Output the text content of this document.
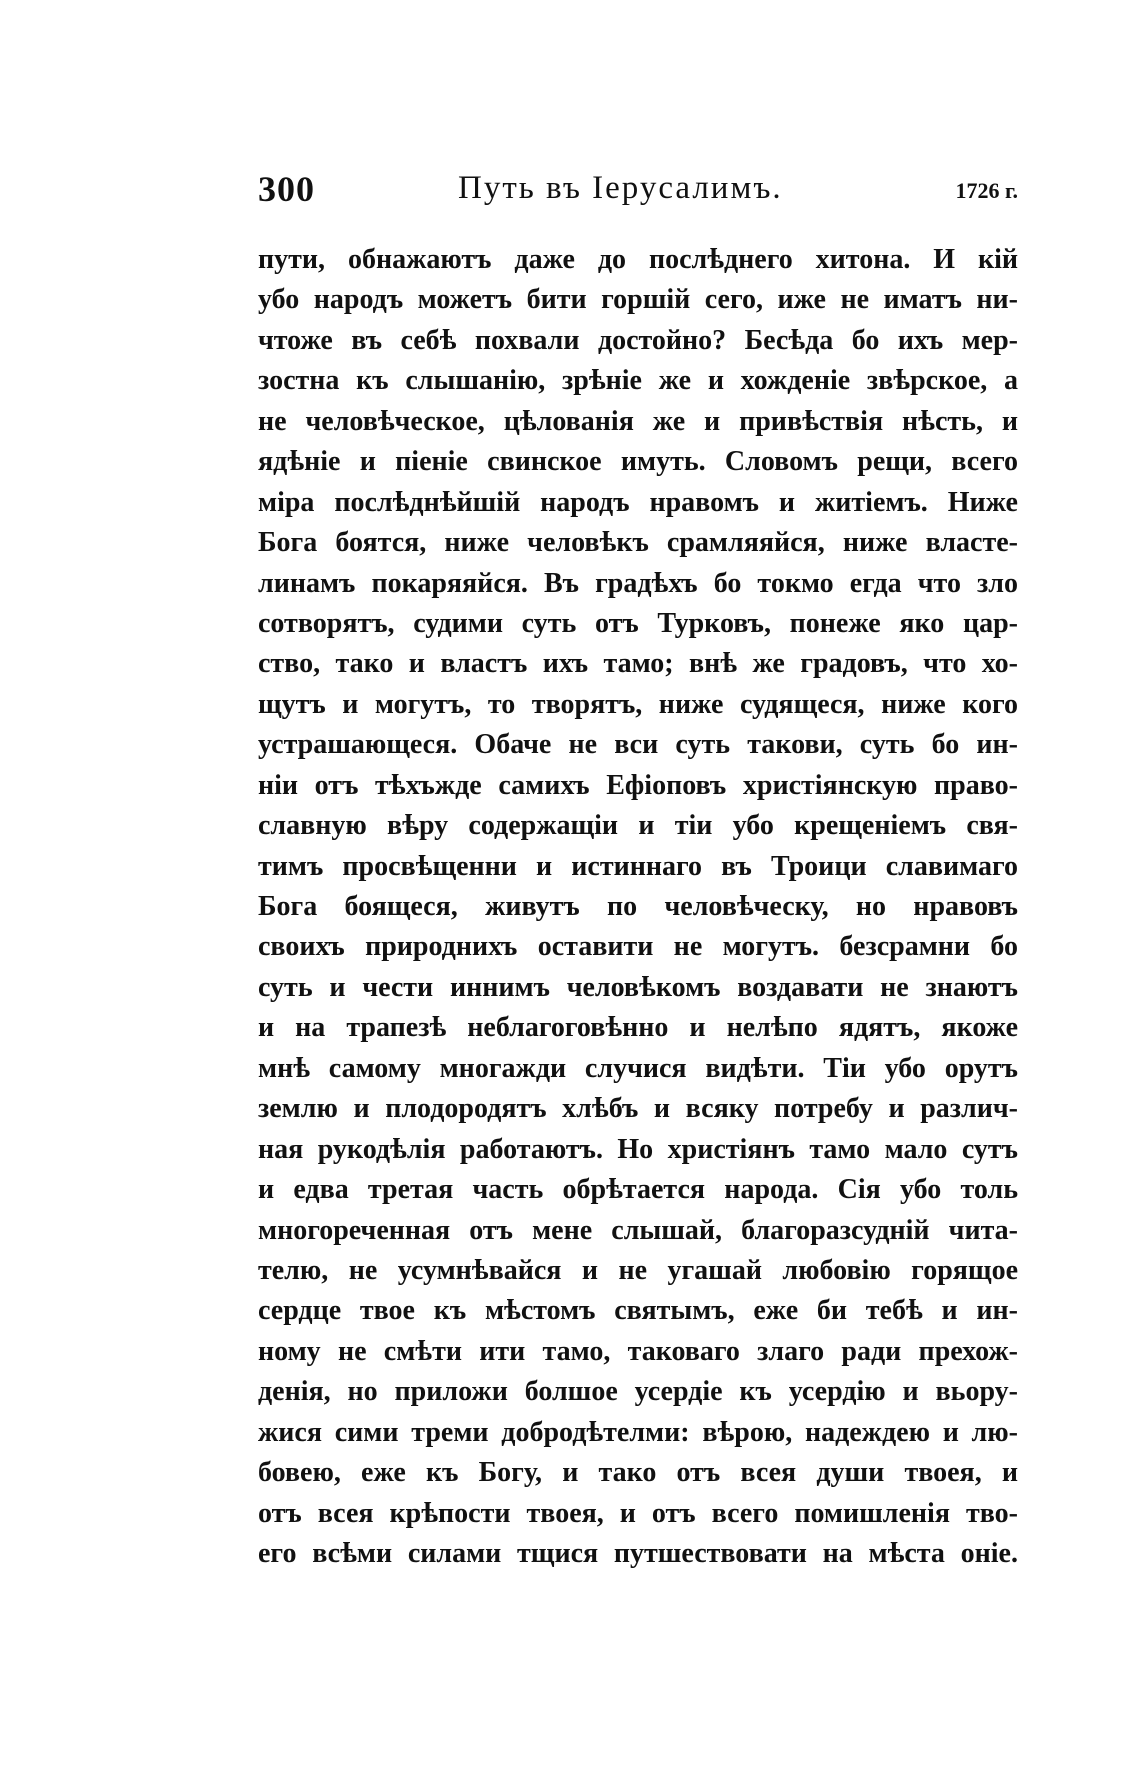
300	Путь въ Іерусалимъ.	1726 г.
пути, обнажаютъ даже до послѣднего хитона. И кій
убо народъ можетъ бити горшій сего, иже не иматъ ни-
чтоже въ себѣ похвали достойно? Бесѣда бо ихъ мер-
зостна къ слышанію, зрѣніе же и хожденіе звѣрское, а
не человѣческое, цѣлованія же и привѣствія нѣсть, и
ядѣніе и піеніе свинское имуть. Словомъ рещи, всего
міра послѣднѣйшій народъ нравомъ и житіемъ. Ниже
Бога боятся, ниже человѣкъ срамляяйся, ниже власте-
линамъ покаряяйся. Въ градѣхъ бо токмо егда что зло
сотворятъ, судими суть отъ Турковъ, понеже яко цар-
ство, тако и властъ ихъ тамо; внѣ же градовъ, что хо-
щутъ и могутъ, то творятъ, ниже судящеся, ниже кого
устрашающеся. Обаче не вси суть такови, суть бо ин-
ніи отъ тѣхъжде самихъ Ефіоповъ христіянскую право-
славную вѣру содержащіи и тіи убо крещеніемъ свя-
тимъ просвѣщенни и истиннаго въ Троици славимаго
Бога боящеся, живутъ по человѣческу, но нравовъ
своихъ природнихъ оставити не могутъ. безсрамни бо
суть и чести иннимъ человѣкомъ воздавати не знаютъ
и на трапезѣ неблагоговѣнно и нелѣпо ядятъ, якоже
мнѣ самому многажди случися видѣти. Тіи убо орутъ
землю и плодородятъ хлѣбъ и всяку потребу и различ-
ная рукодѣлія работаютъ. Но христіянъ тамо мало сутъ
и едва третая часть обрѣтается народа. Сія убо толь
многореченная отъ мене слышай, благоразсудній чита-
телю, не усумнѣвайся и не угашай любовію горящое
сердце твое къ мѣстомъ святымъ, еже би тебѣ и ин-
ному не смѣти ити тамо, таковаго злаго ради прехож-
денія, но приложи болшое усердіе къ усердію и вьору-
жися сими треми добродѣтелми: вѣрою, надеждею и лю-
бовею, еже къ Богу, и тако отъ всея души твоея, и
отъ всея крѣпости твоея, и отъ всего помишленія тво-
его всѣми силами тщися путшествовати на мѣста оніе.
